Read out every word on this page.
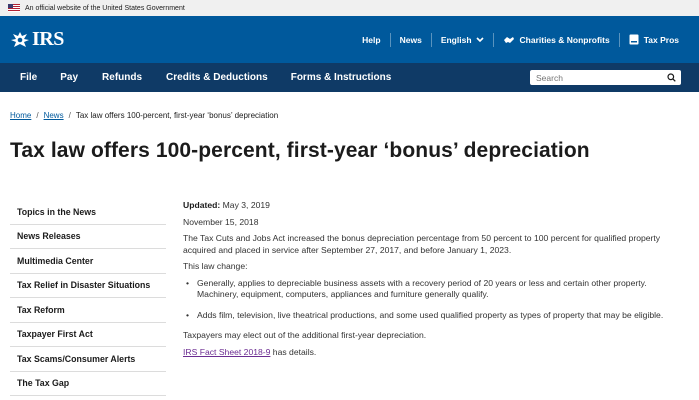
An official website of the United States Government
IRS	Help News English	Charities & Nonprofits	Tax Pros
File	Pay	Refunds	Credits & Deductions	Forms & Instructions
Search
Home / News / Tax law offers 100-percent, first-year ‘bonus’ depreciation
Tax law offers 100-percent, first-year ‘bonus’ depreciation
Topics in the News
News Releases
Multimedia Center
Tax Relief in Disaster Situations
Tax Reform
Taxpayer First Act
Tax Scams/Consumer Alerts
The Tax Gap

Updated: May 3, 2019

November 15, 2018

The Tax Cuts and Jobs Act increased the bonus depreciation percentage from 50 percent to 100 percent for qualified property acquired and placed in service after September 27, 2017, and before January 1, 2023.

This law change:

• Generally, applies to depreciable business assets with a recovery period of 20 years or less and certain other property. Machinery, equipment, computers, appliances and furniture generally qualify.
• Adds film, television, live theatrical productions, and some used qualified property as types of property that may be eligible.

Taxpayers may elect out of the additional first-year depreciation.

IRS Fact Sheet 2018-9 has details.
